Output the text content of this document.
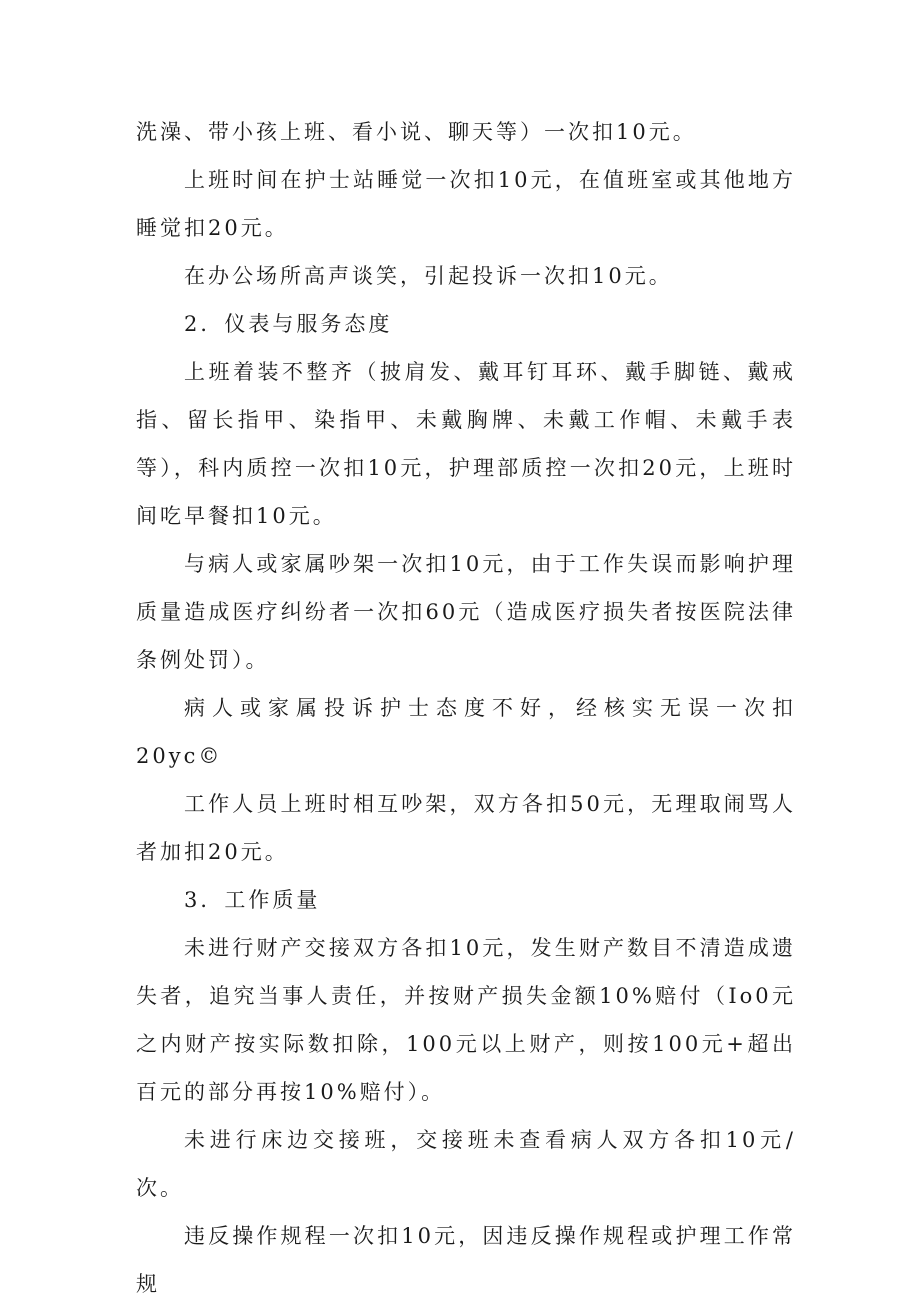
洗澡、带小孩上班、看小说、聊天等）一次扣10元。

上班时间在护士站睡觉一次扣10元，在值班室或其他地方睡觉扣20元。

在办公场所高声谈笑，引起投诉一次扣10元。

2．仪表与服务态度

上班着装不整齐（披肩发、戴耳钉耳环、戴手脚链、戴戒指、留长指甲、染指甲、未戴胸牌、未戴工作帽、未戴手表等），科内质控一次扣10元，护理部质控一次扣20元，上班时间吃早餐扣10元。

与病人或家属吵架一次扣10元，由于工作失误而影响护理质量造成医疗纠纷者一次扣60元（造成医疗损失者按医院法律条例处罚）。

病人或家属投诉护士态度不好，经核实无误一次扣20yc©

工作人员上班时相互吵架，双方各扣50元，无理取闹骂人者加扣20元。

3．工作质量

未进行财产交接双方各扣10元，发生财产数目不清造成遗失者，追究当事人责任，并按财产损失金额10%赔付（Io0元之内财产按实际数扣除，100元以上财产，则按100元+超出百元的部分再按10%赔付）。

未进行床边交接班，交接班未查看病人双方各扣10元/次。

违反操作规程一次扣10元，因违反操作规程或护理工作常规
